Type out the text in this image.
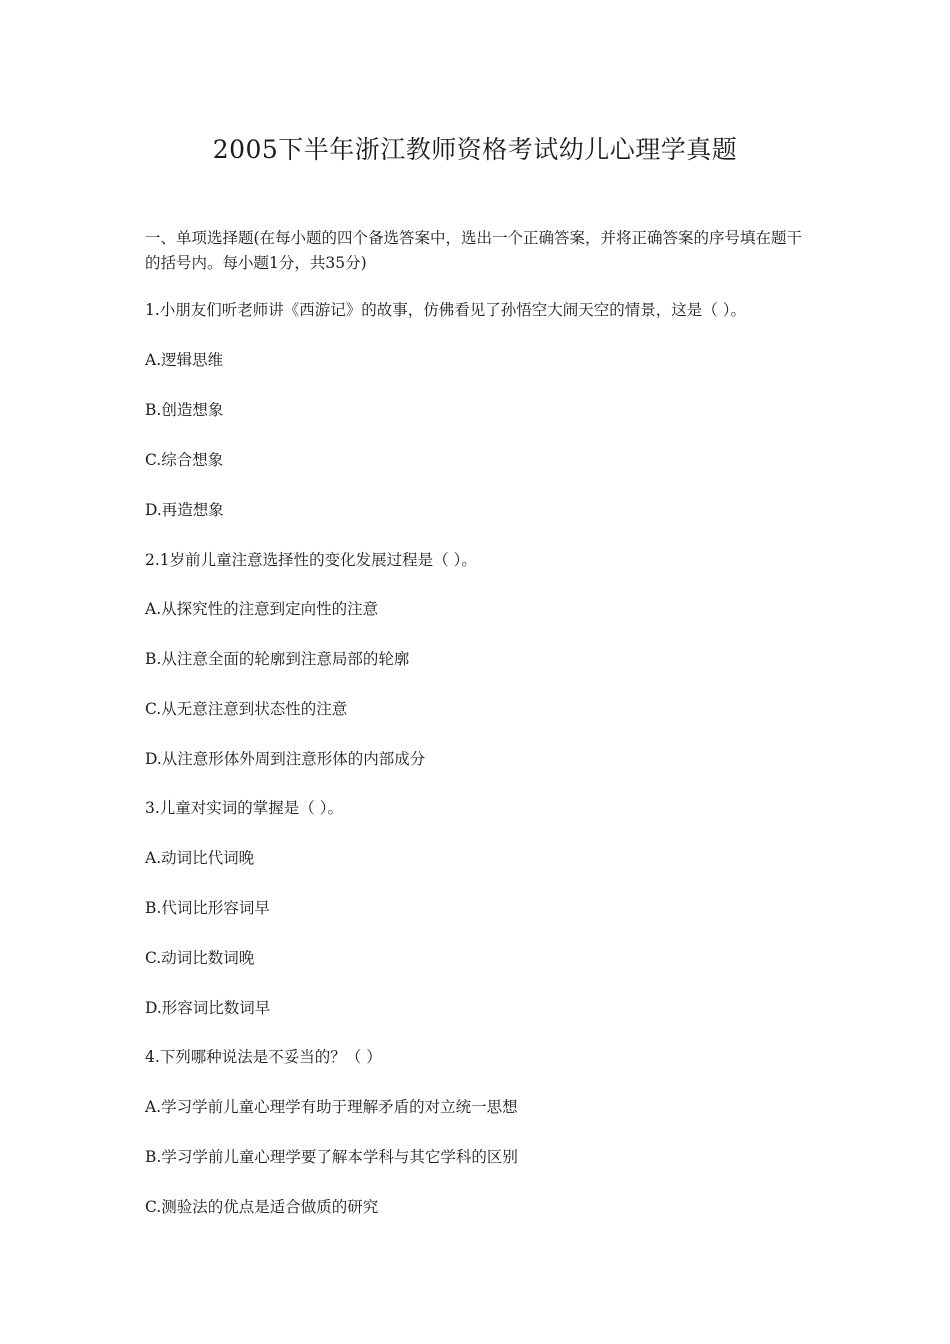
2005下半年浙江教师资格考试幼儿心理学真题
一、单项选择题(在每小题的四个备选答案中，选出一个正确答案，并将正确答案的序号填在题干的括号内。每小题1分，共35分)
1.小朋友们听老师讲《西游记》的故事，仿佛看见了孙悟空大闹天空的情景，这是（ ）。
A.逻辑思维
B.创造想象
C.综合想象
D.再造想象
2.1岁前儿童注意选择性的变化发展过程是（ ）。
A.从探究性的注意到定向性的注意
B.从注意全面的轮廓到注意局部的轮廓
C.从无意注意到状态性的注意
D.从注意形体外周到注意形体的内部成分
3.儿童对实词的掌握是（ ）。
A.动词比代词晚
B.代词比形容词早
C.动词比数词晚
D.形容词比数词早
4.下列哪种说法是不妥当的？（ ）
A.学习学前儿童心理学有助于理解矛盾的对立统一思想
B.学习学前儿童心理学要了解本学科与其它学科的区别
C.测验法的优点是适合做质的研究
